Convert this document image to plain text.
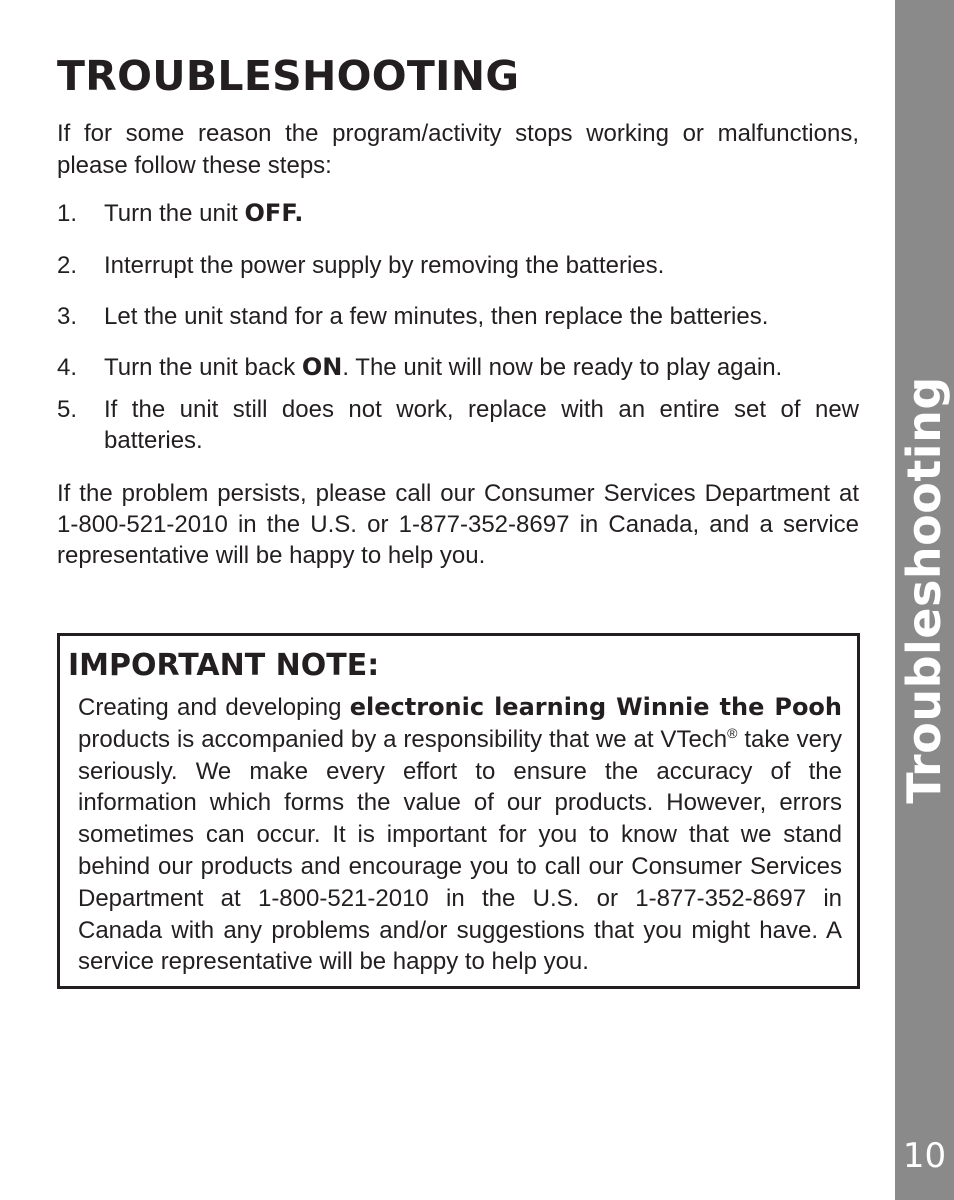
Troubleshooting
10
TROUBLESHOOTING

If for some reason the program/activity stops working or malfunctions, please follow these steps:

1. Turn the unit OFF.
2. Interrupt the power supply by removing the batteries.
3. Let the unit stand for a few minutes, then replace the batteries.
4. Turn the unit back ON. The unit will now be ready to play again.
5. If the unit still does not work, replace with an entire set of new batteries.

If the problem persists, please call our Consumer Services Department at 1-800-521-2010 in the U.S. or 1-877-352-8697 in Canada, and a service representative will be happy to help you.

IMPORTANT NOTE:

Creating and developing electronic learning Winnie the Pooh products is accompanied by a responsibility that we at VTech® take very seriously. We make every effort to ensure the accuracy of the information which forms the value of our products. However, errors sometimes can occur. It is important for you to know that we stand behind our products and encourage you to call our Consumer Services Department at 1-800-521-2010 in the U.S. or 1-877-352-8697 in Canada with any problems and/or suggestions that you might have. A service representative will be happy to help you.
